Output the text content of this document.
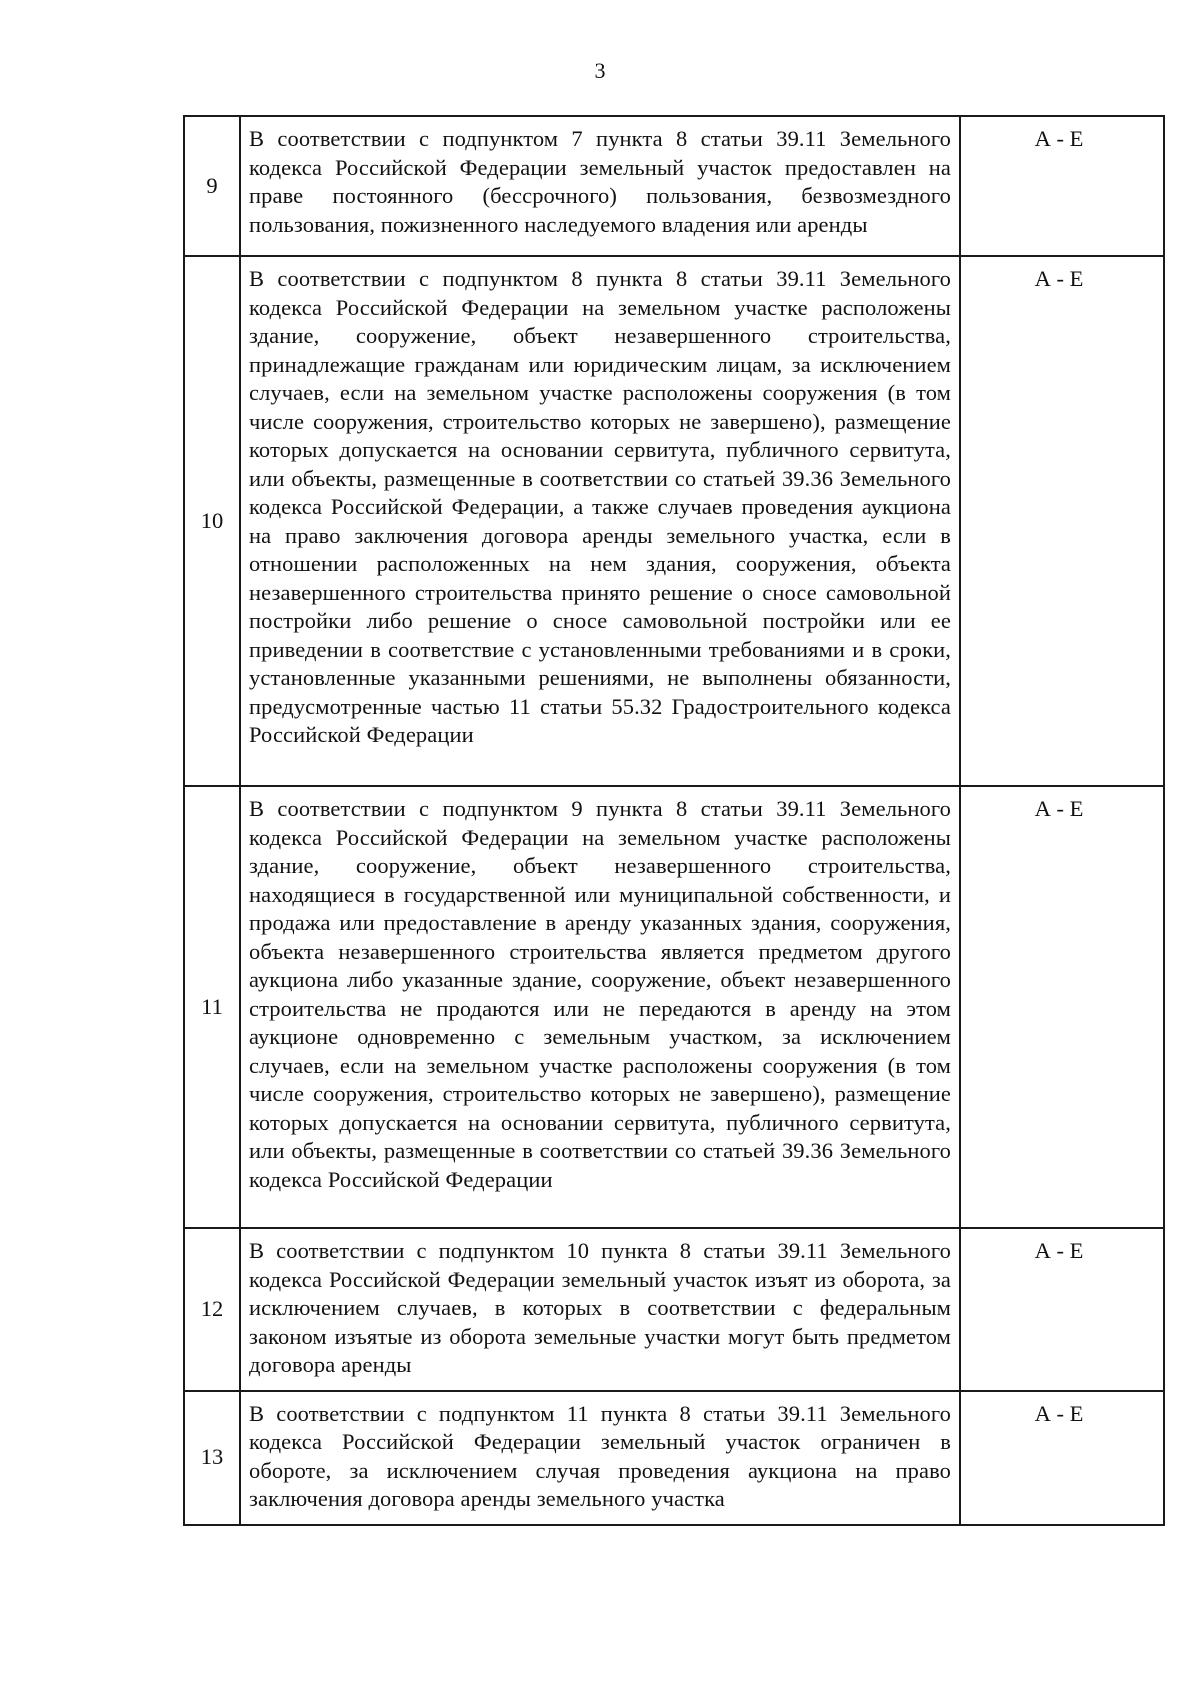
3
9	В соответствии с подпунктом 7 пункта 8 статьи 39.11 Земельного кодекса Российской Федерации земельный участок предоставлен на праве постоянного (бессрочного) пользования, безвозмездного пользования, пожизненного наследуемого владения или аренды	А - Е
10	В соответствии с подпунктом 8 пункта 8 статьи 39.11 Земельного кодекса Российской Федерации на земельном участке расположены здание, сооружение, объект незавершенного строительства, принадлежащие гражданам или юридическим лицам, за исключением случаев, если на земельном участке расположены сооружения (в том числе сооружения, строительство которых не завершено), размещение которых допускается на основании сервитута, публичного сервитута, или объекты, размещенные в соответствии со статьей 39.36 Земельного кодекса Российской Федерации, а также случаев проведения аукциона на право заключения договора аренды земельного участка, если в отношении расположенных на нем здания, сооружения, объекта незавершенного строительства принято решение о сносе самовольной постройки либо решение о сносе самовольной постройки или ее приведении в соответствие с установленными требованиями и в сроки, установленные указанными решениями, не выполнены обязанности, предусмотренные частью 11 статьи 55.32 Градостроительного кодекса Российской Федерации	А - Е
11	В соответствии с подпунктом 9 пункта 8 статьи 39.11 Земельного кодекса Российской Федерации на земельном участке расположены здание, сооружение, объект незавершенного строительства, находящиеся в государственной или муниципальной собственности, и продажа или предоставление в аренду указанных здания, сооружения, объекта незавершенного строительства является предметом другого аукциона либо указанные здание, сооружение, объект незавершенного строительства не продаются или не передаются в аренду на этом аукционе одновременно с земельным участком, за исключением случаев, если на земельном участке расположены сооружения (в том числе сооружения, строительство которых не завершено), размещение которых допускается на основании сервитута, публичного сервитута, или объекты, размещенные в соответствии со статьей 39.36 Земельного кодекса Российской Федерации	А - Е
12	В соответствии с подпунктом 10 пункта 8 статьи 39.11 Земельного кодекса Российской Федерации земельный участок изъят из оборота, за исключением случаев, в которых в соответствии с федеральным законом изъятые из оборота земельные участки могут быть предметом договора аренды	А - Е
13	В соответствии с подпунктом 11 пункта 8 статьи 39.11 Земельного кодекса Российской Федерации земельный участок ограничен в обороте, за исключением случая проведения аукциона на право заключения договора аренды земельного участка	А - Е
